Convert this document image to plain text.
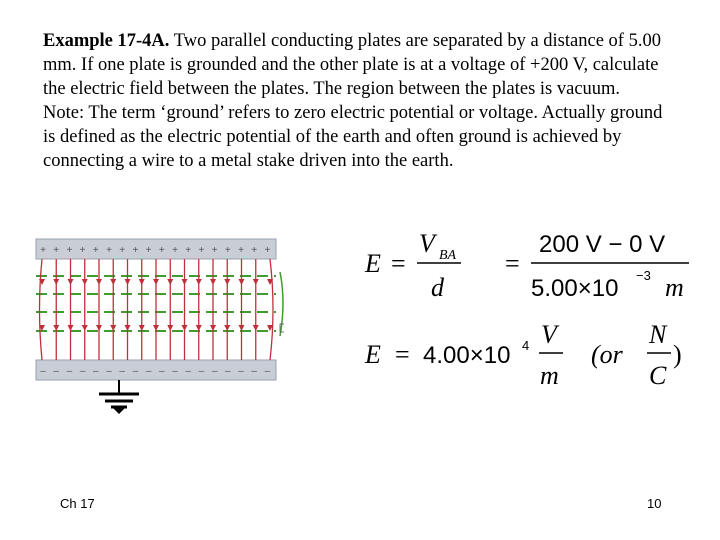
Example 17-4A. Two parallel conducting plates are separated by a distance of 5.00 mm. If one plate is grounded and the other plate is at a voltage of +200 V, calculate the electric field between the plates. The region between the plates is vacuum.

Note: The term ‘ground’ refers to zero electric potential or voltage. Actually ground is defined as the electric potential of the earth and often ground is achieved by connecting a wire to a metal stake driven into the earth.

+ + + + + + + + + + + + + + + + + +
– – – – – – – – – – – – – – – – – –
E =
V BA
d
=
200 V − 0 V
5.00×10 −3 m
E = 4.00×10 4 V
m
(or
N
C
)
Ch 17	10
